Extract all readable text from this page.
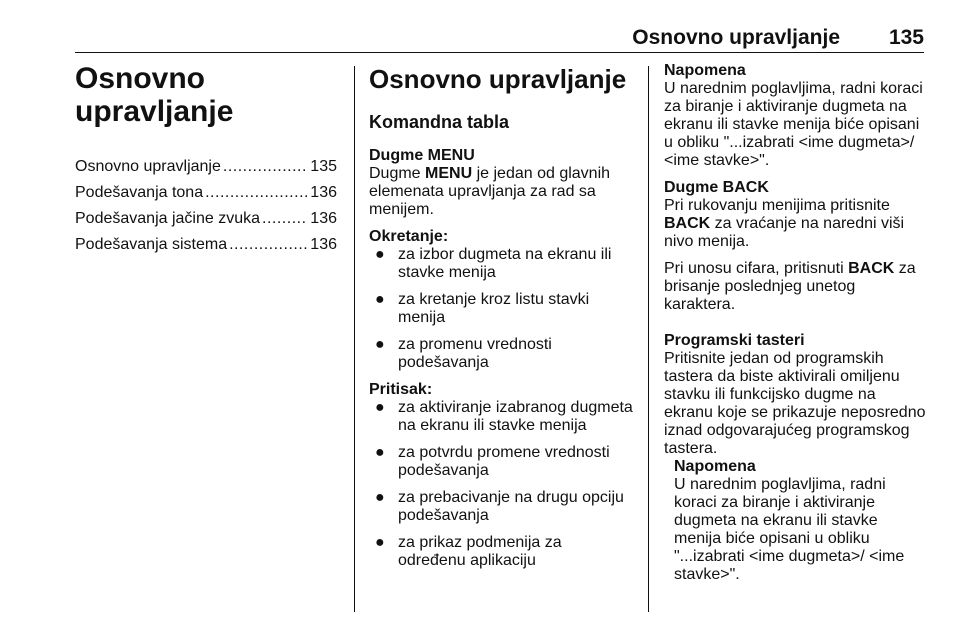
Osnovno upravljanje 135
Osnovno
upravljanje
Osnovno upravljanje .....	135
Podešavanja tona .....	136
Podešavanja jačine zvuka .....	136
Podešavanja sistema .....	136
Osnovno upravljanje
Komandna tabla

Dugme MENU

Dugme MENU je jedan od glavnih elemenata upravljanja za rad sa menijem.

Okretanje:

● za izbor dugmeta na ekranu ili stavke menija
● za kretanje kroz listu stavki menija
● za promenu vrednosti podešavanja

Pritisak:

● za aktiviranje izabranog dugmeta na ekranu ili stavke menija
● za potvrdu promene vrednosti podešavanja
● za prebacivanje na drugu opciju podešavanja
● za prikaz podmenija za određenu aplikaciju

Napomena

U narednim poglavljima, radni koraci za biranje i aktiviranje dugmeta na ekranu ili stavke menija biće opisani u obliku "...izabrati <ime dugmeta>/ <ime stavke>".

Dugme BACK

Pri rukovanju menijima pritisnite BACK za vraćanje na naredni viši nivo menija.

Pri unosu cifara, pritisnuti BACK za brisanje poslednjeg unetog karaktera.

Programski tasteri

Pritisnite jedan od programskih tastera da biste aktivirali omiljenu stavku ili funkcijsko dugme na ekranu koje se prikazuje neposredno iznad odgovarajućeg programskog tastera.

Napomena

U narednim poglavljima, radni koraci za biranje i aktiviranje dugmeta na ekranu ili stavke menija biće opisani u obliku "...izabrati <ime dugmeta>/ <ime stavke>".
